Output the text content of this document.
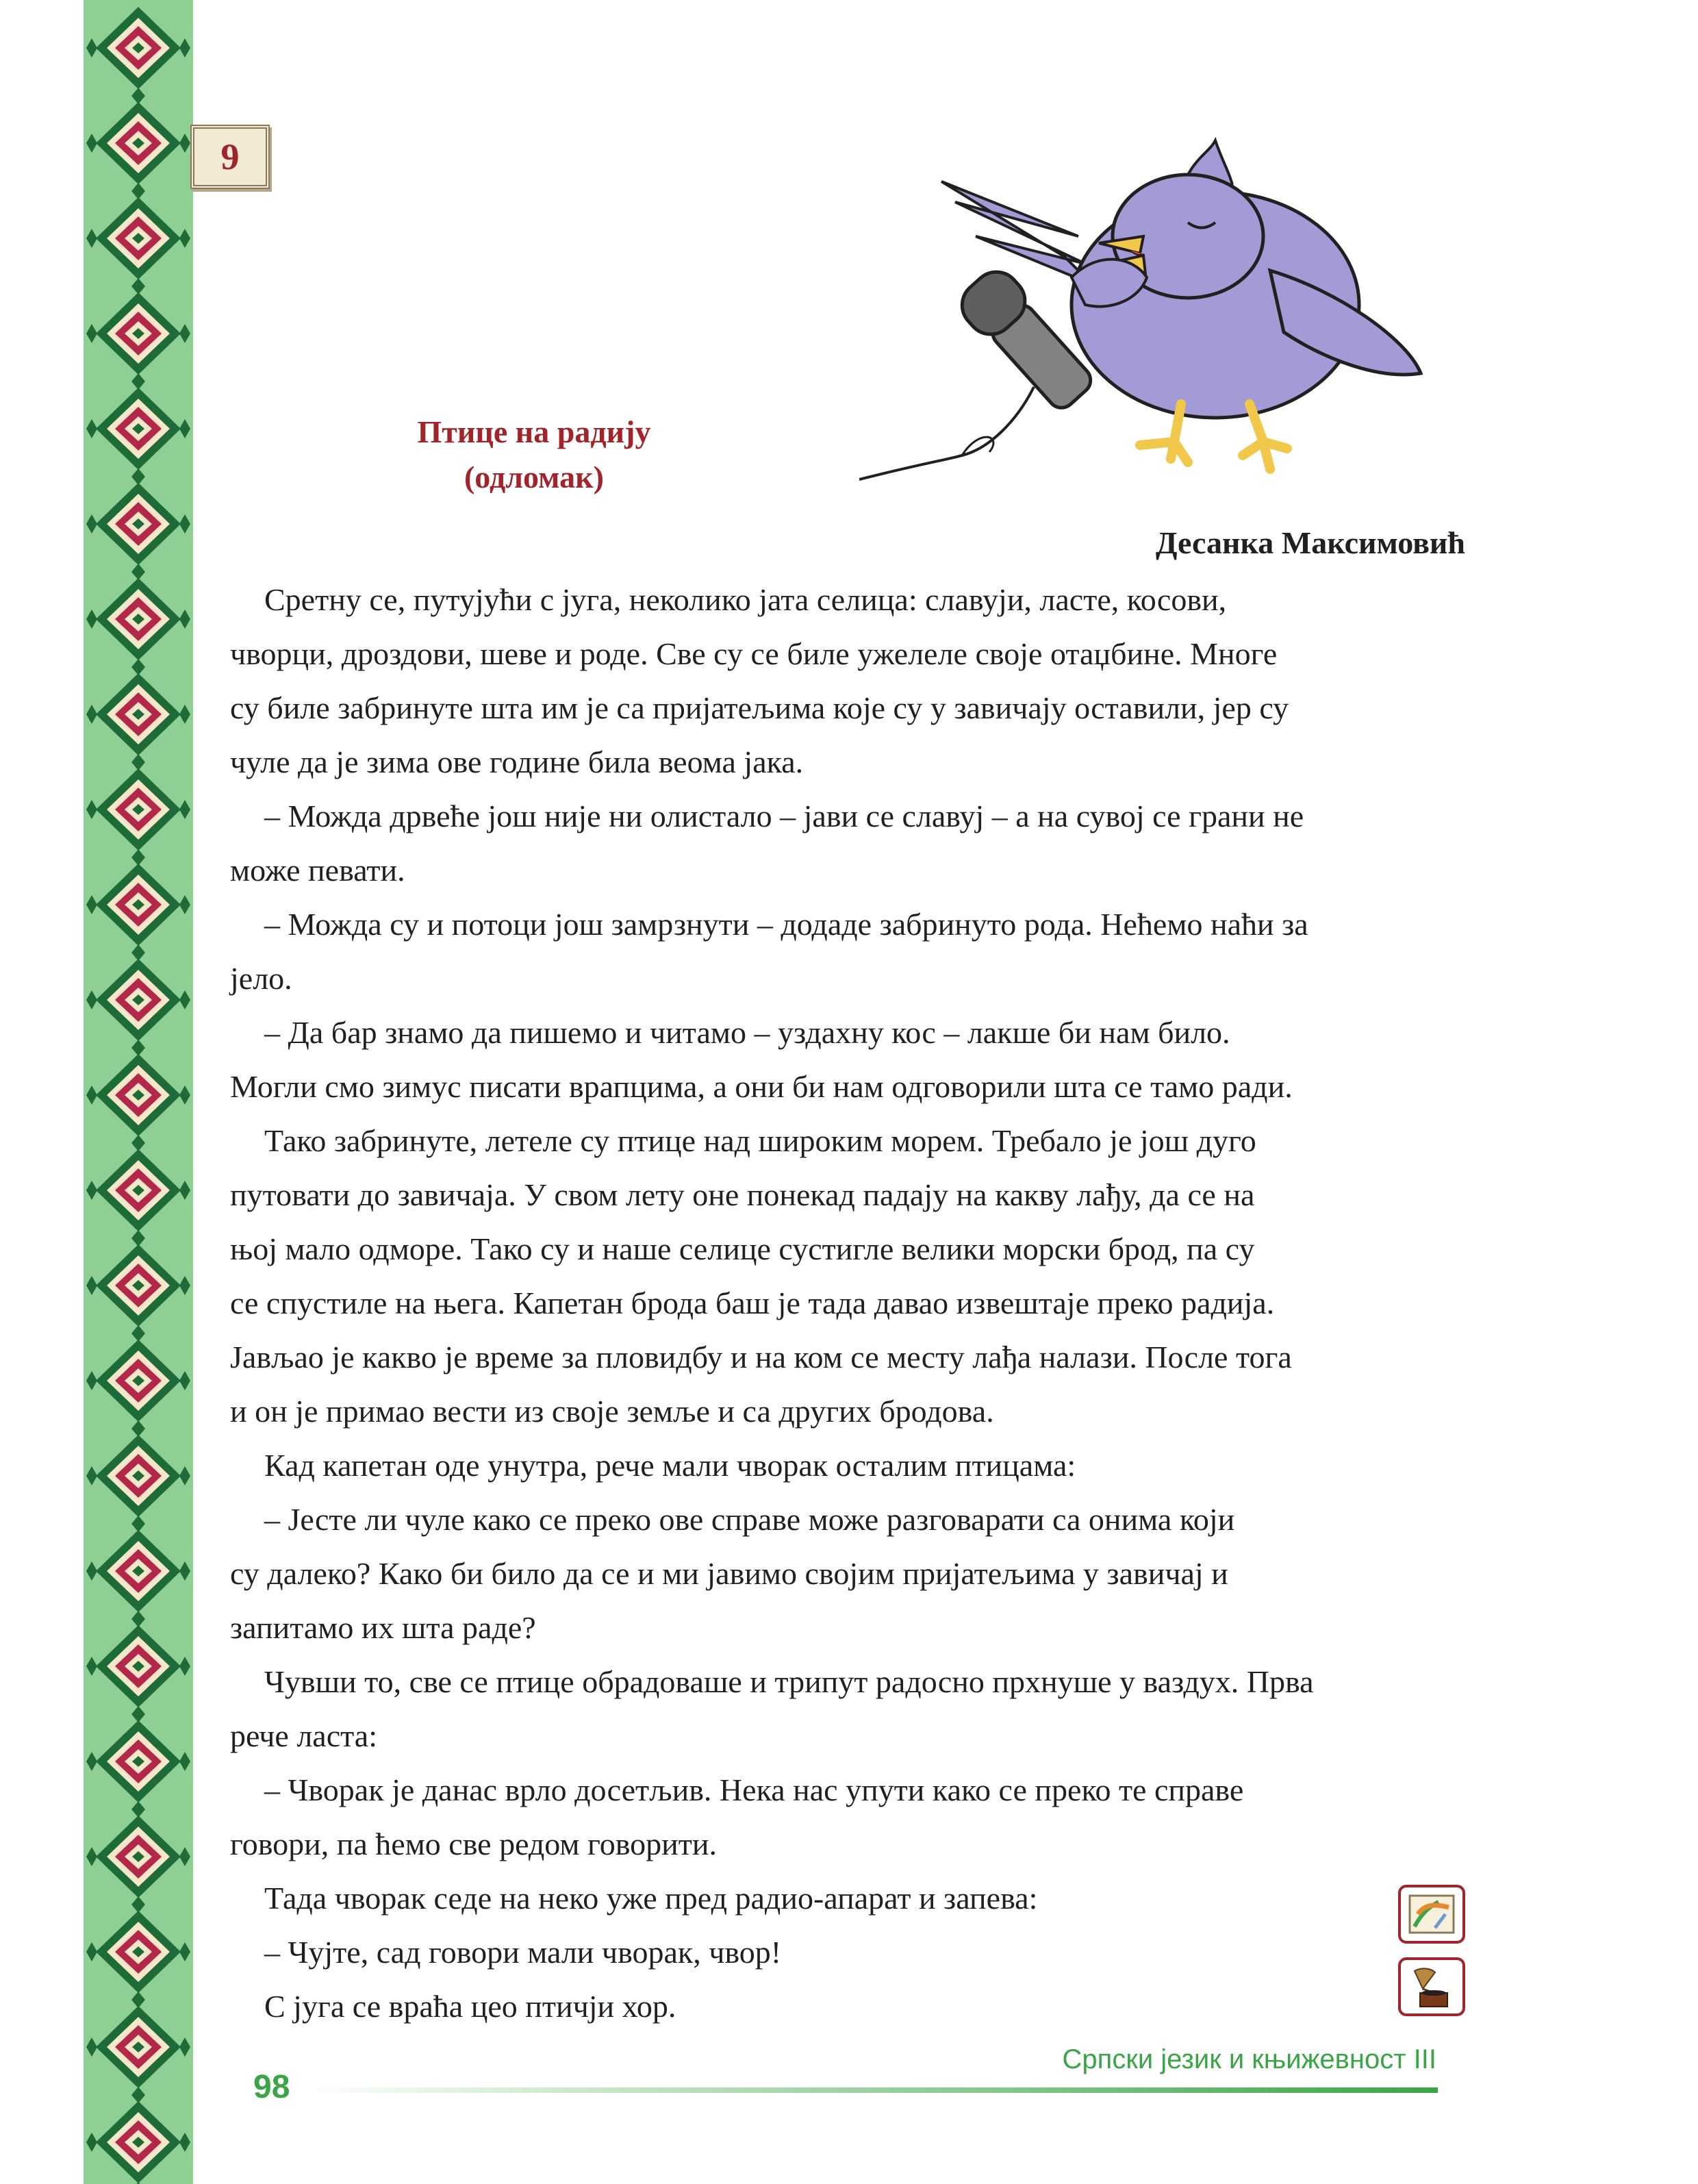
9
Птице на радију
(одломак)
Десанка Максимовић

Сретну се, путујући с југа, неколико јата селица: славуји, ласте, косови,

чворци, дроздови, шеве и роде. Све су се биле ужелеле своје отаџбине. Многе

су биле забринуте шта им је са пријатељима које су у завичају оставили, јер су

чуле да је зима ове године била веома јака.

– Можда дрвеће још није ни олистало – јави се славуј – а на сувој се грани не

може певати.

– Можда су и потоци још замрзнути – додаде забринуто рода. Нећемо наћи за

јело.

– Да бар знамо да пишемо и читамо – уздахну кос – лакше би нам било.

Могли смо зимус писати врапцима, а они би нам одговорили шта се тамо ради.

Тако забринуте, летеле су птице над широким морем. Требало је још дуго

путовати до завичаја. У свом лету оне понекад падају на какву лађу, да се на

њој мало одморе. Тако су и наше селице сустигле велики морски брод, па су

се спустиле на њега. Капетан брода баш је тада давао извештаје преко радија.

Јављао је какво је време за пловидбу и на ком се месту лађа налази. После тога

и он је примао вести из своје земље и са других бродова.

Кад капетан оде унутра, рече мали чворак осталим птицама:

– Јесте ли чуле како се преко ове справе може разговарати са онима који

су далеко? Како би било да се и ми јавимо својим пријатељима у завичај и

запитамо их шта раде?

Чувши то, све се птице обрадоваше и трипут радосно прхнуше у ваздух. Прва

рече ласта:

– Чворак је данас врло досетљив. Нека нас упути како се преко те справе

говори, па ћемо све редом говорити.

Тада чворак седе на неко уже пред радио-апарат и запева:

– Чујте, сад говори мали чворак, чвор!

С југа се враћа цео птичји хор.

98
Српски језик и књижевност III
